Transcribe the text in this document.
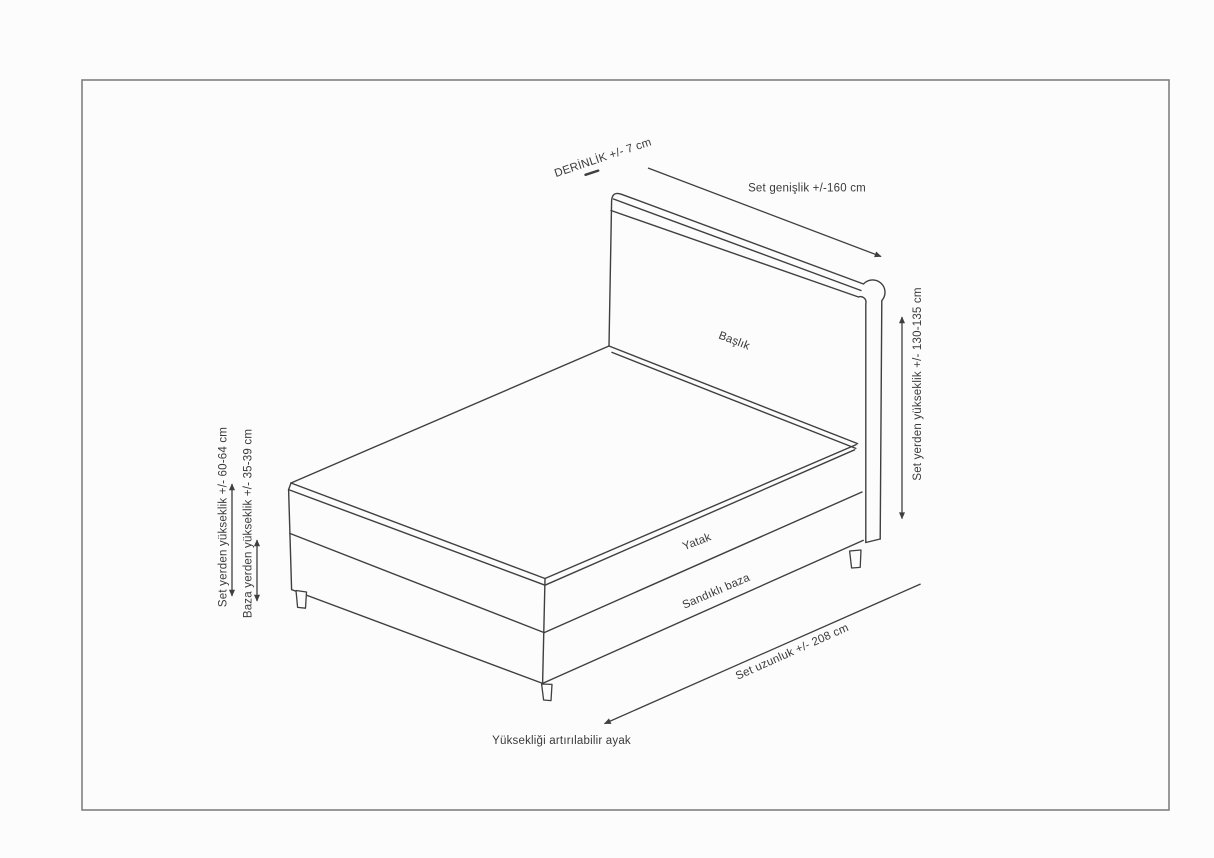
DERİNLİK +/- 7 cm
Set genişlik +/-160 cm
Başlık	Set yerden yükseklik +/- 130-135 cm
Yatak
Sandıklı baza
Set uzunluk +/- 208 cm
Set yerden yükseklik +/- 60-64 cm Baza yerden yükseklik +/- 35-39 cm
Yüksekliği artırılabilir ayak
